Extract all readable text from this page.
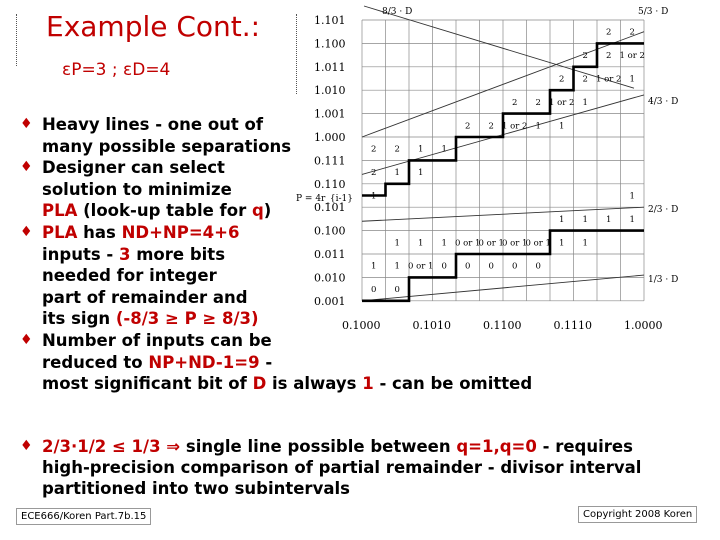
Example Cont.:
εP=3 ; εD=4
1.101
1.100
1.011
1.010
1.001
1.000
0.111
0.110
0.101
0.100
0.011
0.010
0.001
0.1000	0.1010	0.1100	0.1110	1.0000
8/3 · D	5/3 · D
4/3 · D
2/3 · D
1/3 · D
2 2
2 2 1 or 2
2 2 1 or 2 1
2 2 1 or 2 1
2 2 1 or 2 1 1
2 2 1 1
2 1 1
1	1
1 1 1 1
1 1 1 0 or 1
0 or 1
0 or 1
0 or 1 1 1
1 1 0 or 1 0 0 0 0 0
0 0
P = 4r_{i-1}
♦ Heavy lines - one out of
many possible separations
♦ Designer can select
solution to minimize
PLA (look-up table for q)
♦ PLA has ND+NP=4+6
inputs - 3 more bits
needed for integer
part of remainder and
its sign (-8/3 ≥ P ≥ 8/3)
♦ Number of inputs can be
reduced to NP+ND-1=9 -
most significant bit of D is always 1 - can be omitted
♦ 2/3·1/2 ≤ 1/3 ⇒ single line possible between q=1,q=0 - requires
high-precision comparison of partial remainder - divisor interval
partitioned into two subintervals
ECE666/Koren Part.7b.15	Copyright 2008 Koren
